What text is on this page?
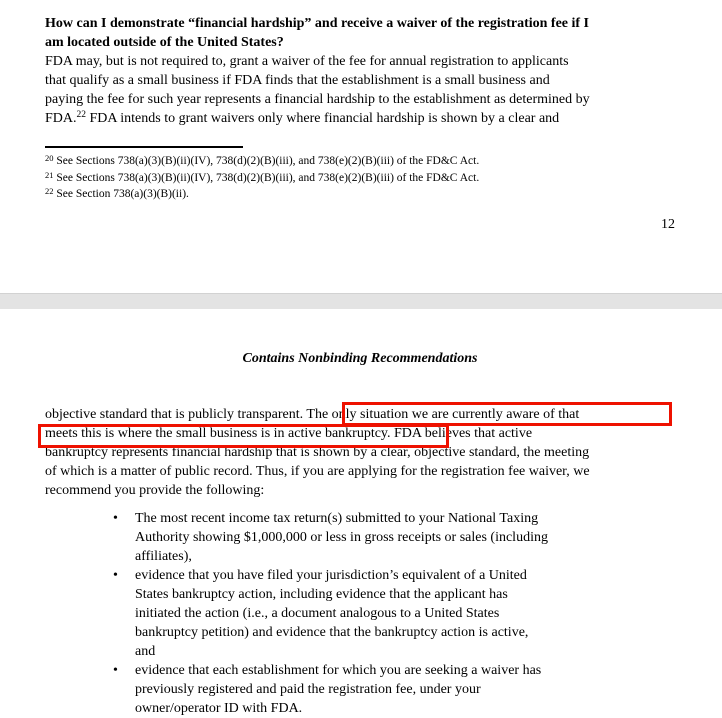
How can I demonstrate “financial hardship” and receive a waiver of the registration fee if I
am located outside of the United States?
FDA may, but is not required to, grant a waiver of the fee for annual registration to applicants
that qualify as a small business if FDA finds that the establishment is a small business and
paying the fee for such year represents a financial hardship to the establishment as determined by
FDA.$^{22}$ FDA intends to grant waivers only where financial hardship is shown by a clear and
$^{20}$ See Sections 738(a)(3)(B)(ii)(IV), 738(d)(2)(B)(iii), and 738(e)(2)(B)(iii) of the FD&C Act.
$^{21}$ See Sections 738(a)(3)(B)(ii)(IV), 738(d)(2)(B)(iii), and 738(e)(2)(B)(iii) of the FD&C Act.
$^{22}$ See Section 738(a)(3)(B)(ii).
12
Contains Nonbinding Recommendations
objective standard that is publicly transparent. The only situation we are currently aware of that
meets this is where the small business is in active bankruptcy. FDA believes that active
bankruptcy represents financial hardship that is shown by a clear, objective standard, the meeting
of which is a matter of public record. Thus, if you are applying for the registration fee waiver, we
recommend you provide the following:
•	The most recent income tax return(s) submitted to your National Taxing
Authority showing $1,000,000 or less in gross receipts or sales (including
affiliates),
•	evidence that you have filed your jurisdiction’s equivalent of a United
States bankruptcy action, including evidence that the applicant has
initiated the action (i.e., a document analogous to a United States
bankruptcy petition) and evidence that the bankruptcy action is active,
and
•	evidence that each establishment for which you are seeking a waiver has
previously registered and paid the registration fee, under your
owner/operator ID with FDA.
